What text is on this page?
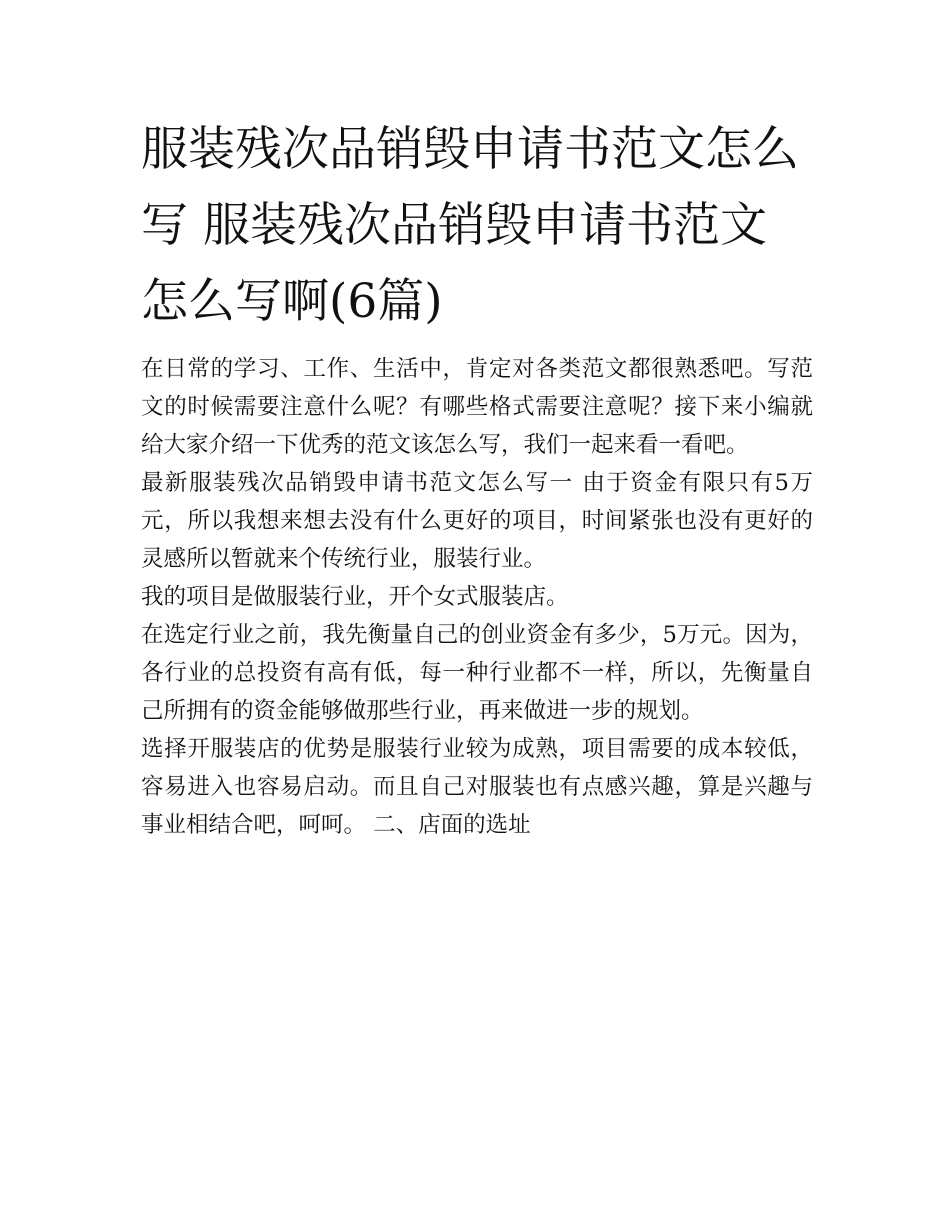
服装残次品销毁申请书范文怎么写 服装残次品销毁申请书范文怎么写啊(6篇)

在日常的学习、工作、生活中，肯定对各类范文都很熟悉吧。写范文的时候需要注意什么呢？有哪些格式需要注意呢？接下来小编就给大家介绍一下优秀的范文该怎么写，我们一起来看一看吧。

最新服装残次品销毁申请书范文怎么写一 由于资金有限只有5万元，所以我想来想去没有什么更好的项目，时间紧张也没有更好的灵感所以暂就来个传统行业，服装行业。

我的项目是做服装行业，开个女式服装店。

在选定行业之前，我先衡量自己的创业资金有多少，5万元。因为，各行业的总投资有高有低，每一种行业都不一样，所以，先衡量自己所拥有的资金能够做那些行业，再来做进一步的规划。

选择开服装店的优势是服装行业较为成熟，项目需要的成本较低，容易进入也容易启动。而且自己对服装也有点感兴趣，算是兴趣与事业相结合吧，呵呵。 二、店面的选址
